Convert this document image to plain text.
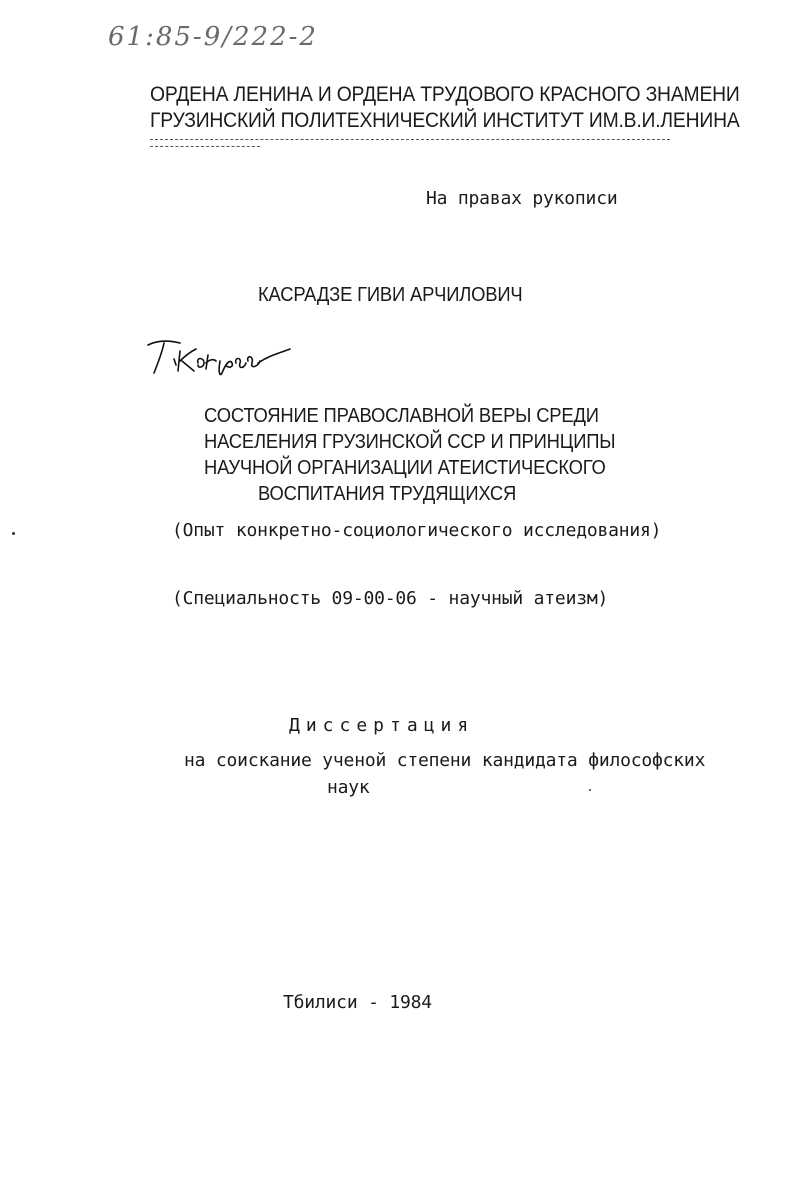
61:85-9/222-2
ОРДЕНА ЛЕНИНА И ОРДЕНА ТРУДОВОГО КРАСНОГО ЗНАМЕНИ
ГРУЗИНСКИЙ ПОЛИТЕХНИЧЕСКИЙ ИНСТИТУТ ИМ.В.И.ЛЕНИНА
На правах рукописи
КАСРАДЗЕ ГИВИ АРЧИЛОВИЧ
СОСТОЯНИЕ ПРАВОСЛАВНОЙ ВЕРЫ СРЕДИ
НАСЕЛЕНИЯ ГРУЗИНСКОЙ ССР И ПРИНЦИПЫ
НАУЧНОЙ ОРГАНИЗАЦИИ АТЕИСТИЧЕСКОГО
ВОСПИТАНИЯ ТРУДЯЩИХСЯ
(Опыт конкретно-социологического исследования)
(Специальность 09-00-06 - научный атеизм)
Диссертация
на соискание ученой степени кандидата философских
наук
Тбилиси - 1984
